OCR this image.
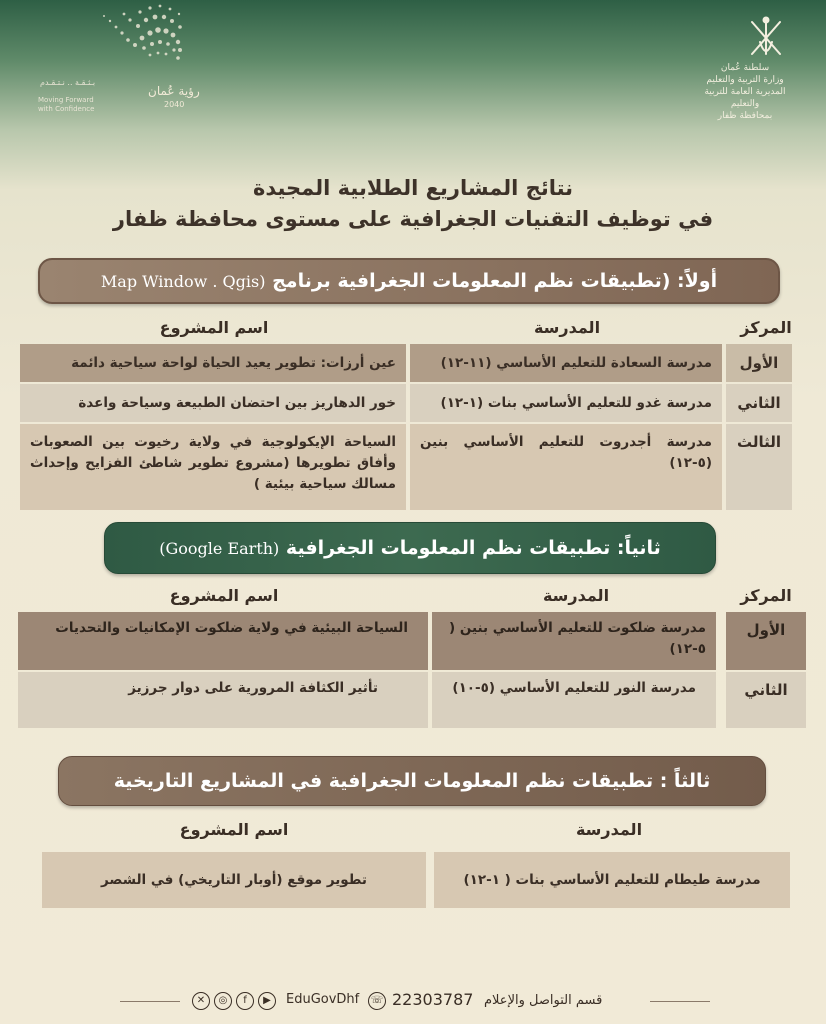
رؤية عُمان
2040
بـثـقـة .. نـتـقـدم
Moving Forward with Confidence
سلطنة عُمان
وزارة التربية والتعليم
المديرية العامة للتربية والتعليم
بمحافظة ظفار
نتائج المشاريع الطلابية المجيدة
في توظيف التقنيات الجغرافية على مستوى محافظة ظفار
أولاً: (تطبيقات نظم المعلومات الجغرافية برنامج

Map Window . Qgis)
المركز
المدرسة
اسم المشروع
الأول
مدرسة السعادة للتعليم الأساسي (١١-١٢)
عين أرزات: تطوير يعيد الحياة لواحة سياحية دائمة
الثاني
مدرسة غدو للتعليم الأساسي بنات (١-١٢)
خور الدهاريز بين احتضان الطبيعة وسياحة واعدة
الثالث
مدرسة أجدروت للتعليم الأساسي بنين (٥-١٢)
السياحة الإيكولوجية في ولاية رخيوت بين الصعوبات وأفاق تطويرها (مشروع تطوير شاطئ الفزايح وإحداث مسالك سياحية بيئية )
ثانياً: تطبيقات نظم المعلومات الجغرافية

(Google Earth)
المركز
المدرسة
اسم المشروع
الأول
مدرسة ضلكوت للتعليم الأساسي بنين ( ٥-١٢)
السياحة البيئية في ولاية ضلكوت الإمكانيات والتحديات
الثاني
مدرسة النور للتعليم الأساسي (٥-١٠)
تأثير الكثافة المرورية على دوار جرزيز
ثالثاً : تطبيقات نظم المعلومات الجغرافية في المشاريع التاريخية
المدرسة
اسم المشروع
مدرسة طيطام للتعليم الأساسي بنات ( ١-١٢)
تطوير موقع (أوبار التاريخي) في الشصر
قسم التواصل والإعلام
22303787
☏
EduGovDhf
▶
f
◎
✕
